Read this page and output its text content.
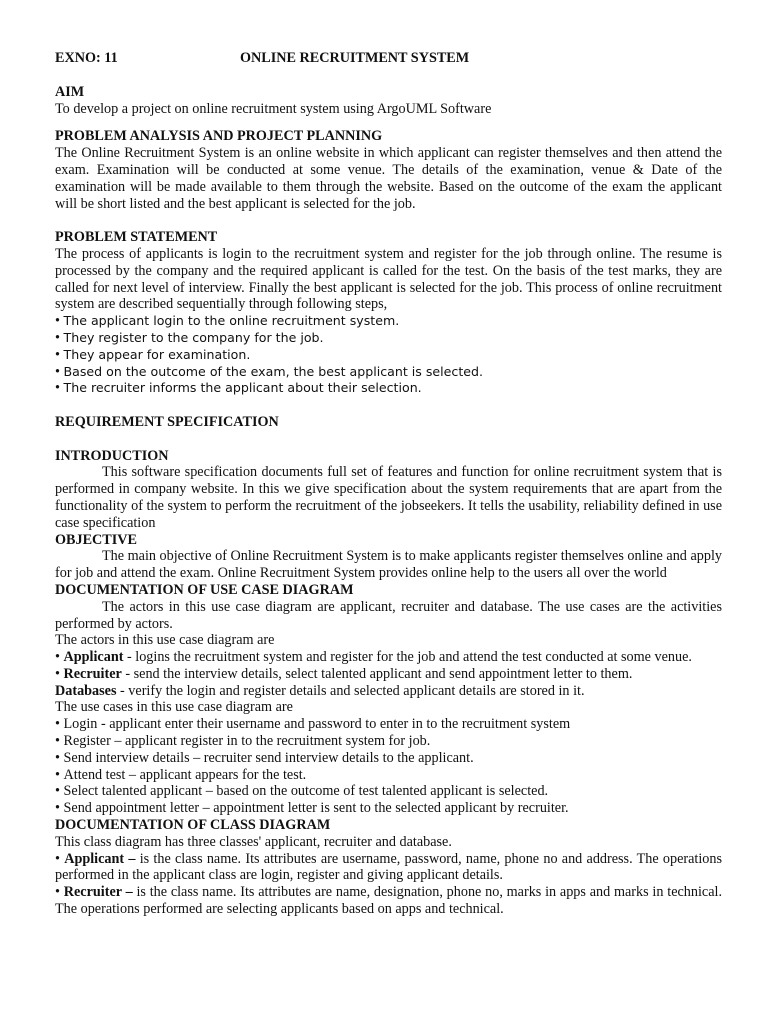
EXNO: 11	ONLINE RECRUITMENT SYSTEM
AIM

To develop a project on online recruitment system using ArgoUML Software

PROBLEM ANALYSIS AND PROJECT PLANNING

The Online Recruitment System is an online website in which applicant can register themselves and then attend the exam. Examination will be conducted at some venue. The details of the examination, venue & Date of the examination will be made available to them through the website. Based on the outcome of the exam the applicant will be short listed and the best applicant is selected for the job.

PROBLEM STATEMENT

The process of applicants is login to the recruitment system and register for the job through online. The resume is processed by the company and the required applicant is called for the test. On the basis of the test marks, they are called for next level of interview. Finally the best applicant is selected for the job. This process of online recruitment system are described sequentially through following steps,

• The applicant login to the online recruitment system.
• They register to the company for the job.
• They appear for examination.
• Based on the outcome of the exam, the best applicant is selected.
• The recruiter informs the applicant about their selection.
REQUIREMENT SPECIFICATION
INTRODUCTION

This software specification documents full set of features and function for online recruitment system that is performed in company website. In this we give specification about the system requirements that are apart from the functionality of the system to perform the recruitment of the jobseekers. It tells the usability, reliability defined in use case specification

OBJECTIVE

The main objective of Online Recruitment System is to make applicants register themselves online and apply for job and attend the exam. Online Recruitment System provides online help to the users all over the world

DOCUMENTATION OF USE CASE DIAGRAM

The actors in this use case diagram are applicant, recruiter and database. The use cases are the activities performed by actors.

The actors in this use case diagram are

• Applicant - logins the recruitment system and register for the job and attend the test conducted at some venue.
• Recruiter - send the interview details, select talented applicant and send appointment letter to them.

Databases - verify the login and register details and selected applicant details are stored in it.

The use cases in this use case diagram are

• Login - applicant enter their username and password to enter in to the recruitment system
• Register – applicant register in to the recruitment system for job.
• Send interview details – recruiter send interview details to the applicant.
• Attend test – applicant appears for the test.
• Select talented applicant – based on the outcome of test talented applicant is selected.
• Send appointment letter – appointment letter is sent to the selected applicant by recruiter.
DOCUMENTATION OF CLASS DIAGRAM

This class diagram has three classes' applicant, recruiter and database.

• Applicant – is the class name. Its attributes are username, password, name, phone no and address. The operations performed in the applicant class are login, register and giving applicant details.
• Recruiter – is the class name. Its attributes are name, designation, phone no, marks in apps and marks in technical. The operations performed are selecting applicants based on apps and technical.
